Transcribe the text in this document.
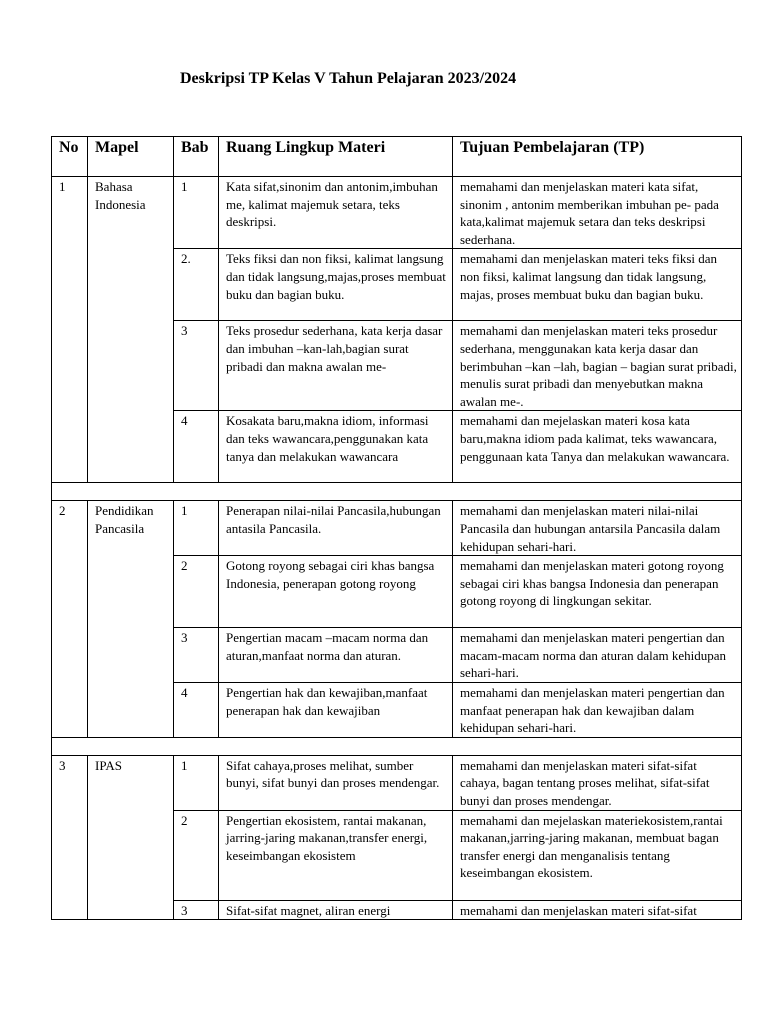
Deskripsi TP Kelas V Tahun Pelajaran 2023/2024
No	Mapel	Bab	Ruang Lingkup Materi	Tujuan Pembelajaran (TP)
1	Bahasa Indonesia	1	Kata sifat,sinonim dan antonim,imbuhan me, kalimat majemuk setara, teks deskripsi.	memahami dan menjelaskan materi kata sifat, sinonim , antonim memberikan imbuhan pe- pada kata,kalimat majemuk setara dan teks deskripsi sederhana.
		2.	Teks fiksi dan non fiksi, kalimat langsung dan tidak langsung,majas,proses membuat buku dan bagian buku.	memahami dan menjelaskan materi teks fiksi dan non fiksi, kalimat langsung dan tidak langsung, majas, proses membuat buku dan bagian buku.
		3	Teks prosedur sederhana, kata kerja dasar dan imbuhan –kan-lah,bagian surat pribadi dan makna awalan me-	memahami dan menjelaskan materi teks prosedur sederhana, menggunakan kata kerja dasar dan berimbuhan –kan –lah, bagian – bagian surat pribadi, menulis surat pribadi dan menyebutkan makna awalan me-.
		4	Kosakata baru,makna idiom, informasi dan teks wawancara,penggunakan kata tanya dan melakukan wawancara	memahami dan mejelaskan materi kosa kata baru,makna idiom pada kalimat, teks wawancara, penggunaan kata Tanya dan melakukan wawancara.

2	Pendidikan Pancasila	1	Penerapan nilai-nilai Pancasila,hubungan antasila Pancasila.	memahami dan menjelaskan materi nilai-nilai Pancasila dan hubungan antarsila Pancasila dalam kehidupan sehari-hari.
		2	Gotong royong sebagai ciri khas bangsa Indonesia, penerapan gotong royong	memahami dan menjelaskan materi gotong royong sebagai ciri khas bangsa Indonesia dan penerapan gotong royong di lingkungan sekitar.
		3	Pengertian macam –macam norma dan aturan,manfaat norma dan aturan.	memahami dan menjelaskan materi pengertian dan macam-macam norma dan aturan dalam kehidupan sehari-hari.
		4	Pengertian hak dan kewajiban,manfaat penerapan hak dan kewajiban	memahami dan menjelaskan materi pengertian dan manfaat penerapan hak dan kewajiban dalam kehidupan sehari-hari.

3	IPAS	1	Sifat cahaya,proses melihat, sumber bunyi, sifat bunyi dan proses mendengar.	memahami dan menjelaskan materi sifat-sifat cahaya, bagan tentang proses melihat, sifat-sifat bunyi dan proses mendengar.
		2	Pengertian ekosistem, rantai makanan, jarring-jaring makanan,transfer energi, keseimbangan ekosistem	memahami dan mejelaskan materiekosistem,rantai makanan,jarring-jaring makanan, membuat bagan transfer energi dan menganalisis tentang keseimbangan ekosistem.
		3	Sifat-sifat magnet, aliran energi	memahami dan menjelaskan materi sifat-sifat
